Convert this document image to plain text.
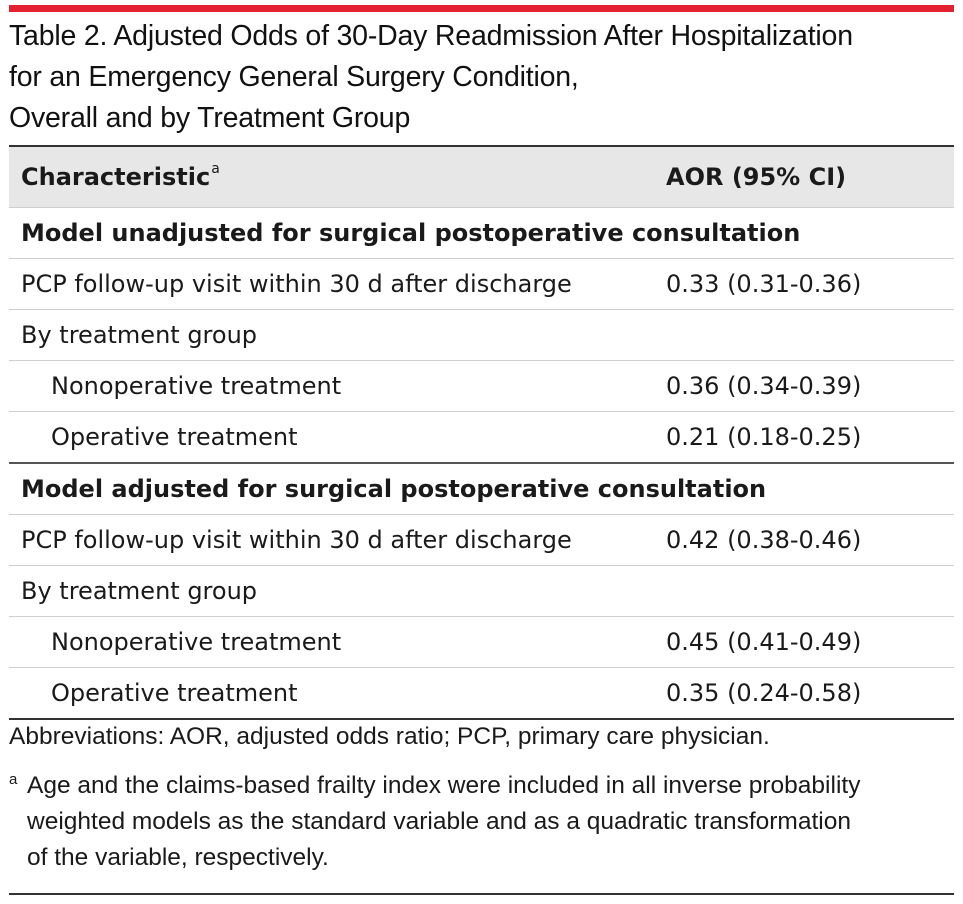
Table 2. Adjusted Odds of 30-Day Readmission After Hospitalization
for an Emergency General Surgery Condition,
Overall and by Treatment Group
Characteristic$^a$	AOR (95% CI)
Model unadjusted for surgical postoperative consultation
PCP follow-up visit within 30 d after discharge	0.33 (0.31-0.36)
By treatment group
Nonoperative treatment	0.36 (0.34-0.39)
Operative treatment	0.21 (0.18-0.25)
Model adjusted for surgical postoperative consultation
PCP follow-up visit within 30 d after discharge	0.42 (0.38-0.46)
By treatment group
Nonoperative treatment	0.45 (0.41-0.49)
Operative treatment	0.35 (0.24-0.58)
Abbreviations: AOR, adjusted odds ratio; PCP, primary care physician.
a Age and the claims-based frailty index were included in all inverse probability
weighted models as the standard variable and as a quadratic transformation
of the variable, respectively.
